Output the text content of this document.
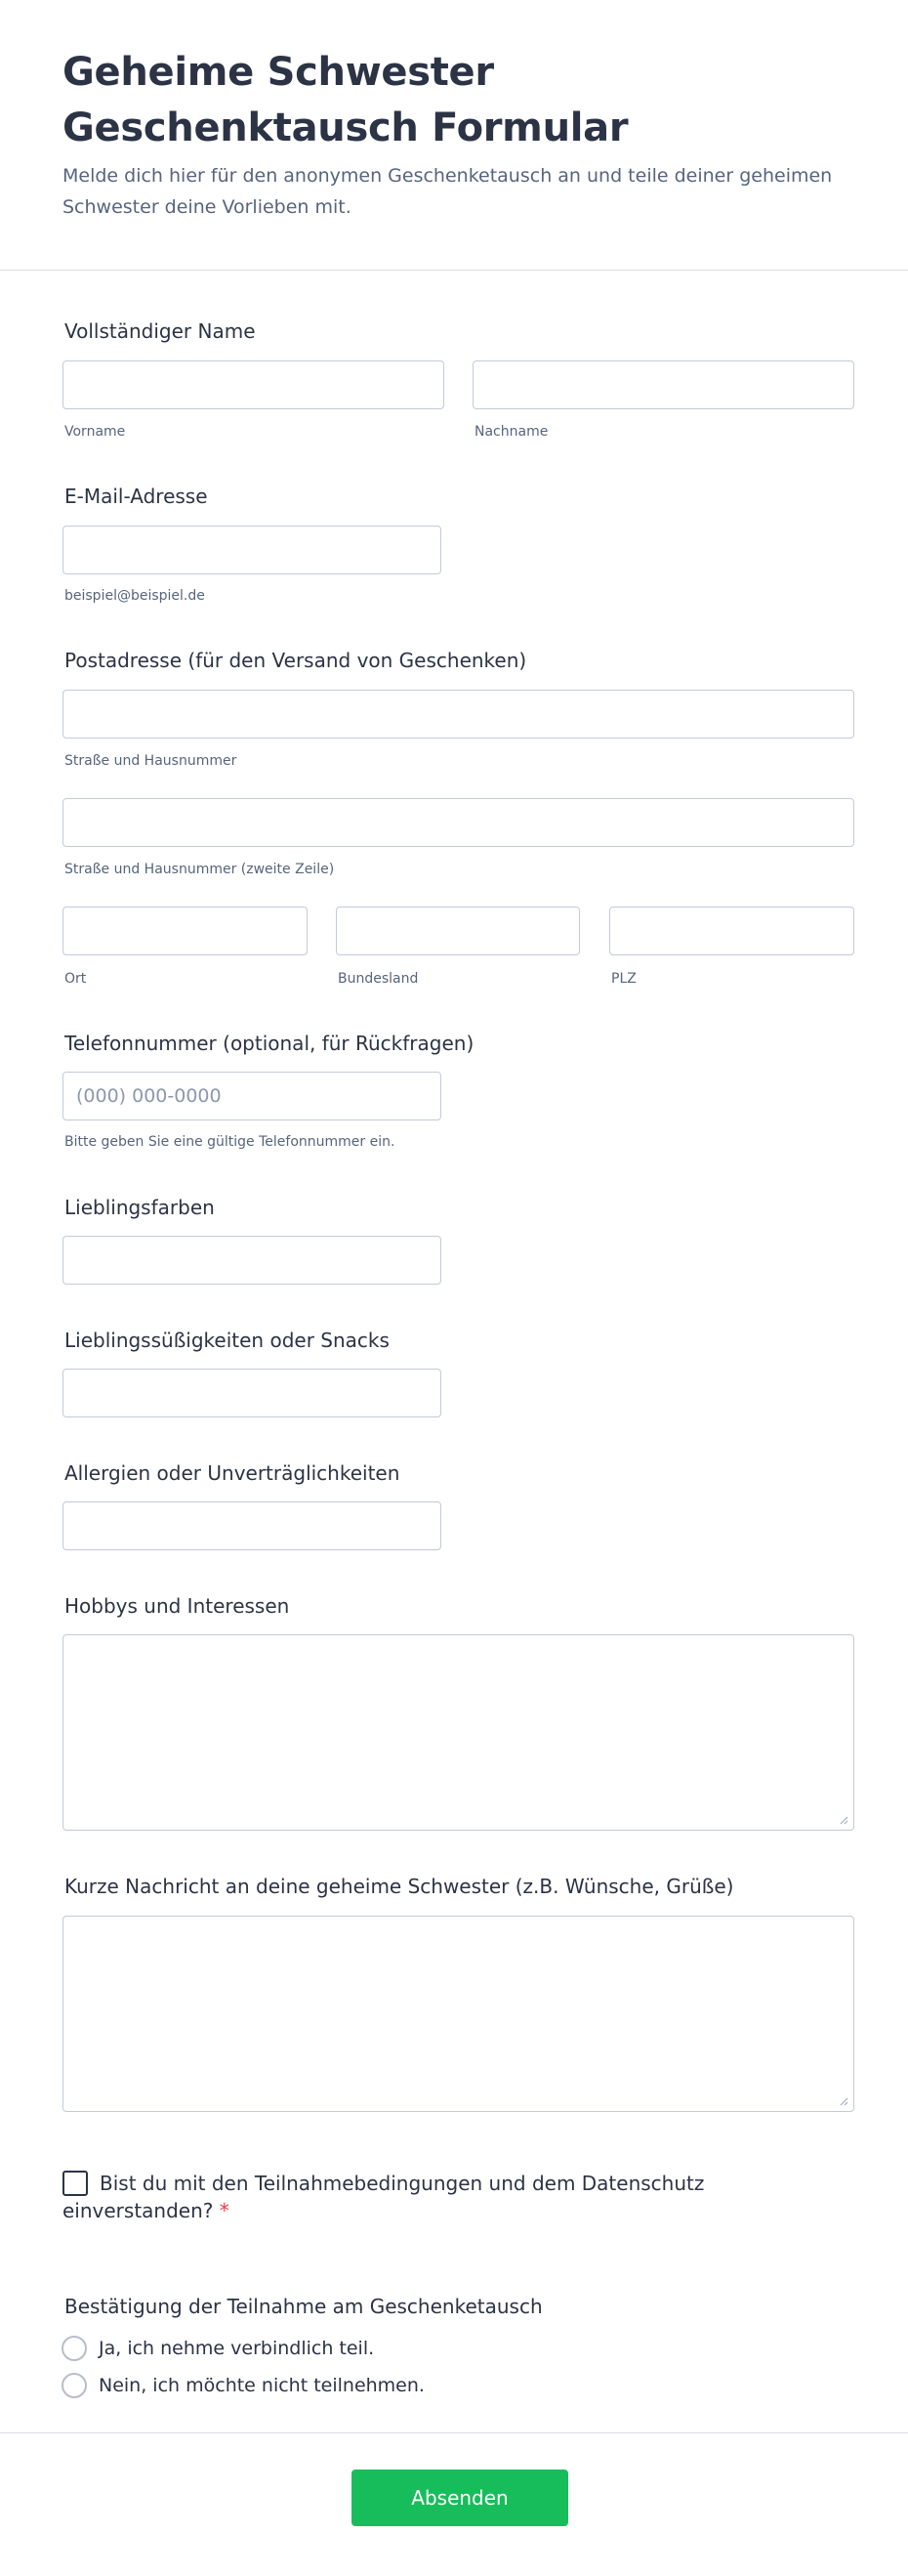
Geheime Schwester Geschenktausch Formular
Melde dich hier für den anonymen Geschenketausch an und teile deiner geheimen Schwester deine Vorlieben mit.
Vollständiger Name
Vorname	Nachname
E-Mail-Adresse
beispiel@beispiel.de
Postadresse (für den Versand von Geschenken)
Straße und Hausnummer
Straße und Hausnummer (zweite Zeile)
Ort	Bundesland	PLZ
Telefonnummer (optional, für Rückfragen)
(000) 000-0000
Bitte geben Sie eine gültige Telefonnummer ein.
Lieblingsfarben
Lieblingssüßigkeiten oder Snacks
Allergien oder Unverträglichkeiten
Hobbys und Interessen
Kurze Nachricht an deine geheime Schwester (z.B. Wünsche, Grüße)
Bist du mit den Teilnahmebedingungen und dem Datenschutz einverstanden? *
Bestätigung der Teilnahme am Geschenketausch
Ja, ich nehme verbindlich teil.
Nein, ich möchte nicht teilnehmen.
Absenden
